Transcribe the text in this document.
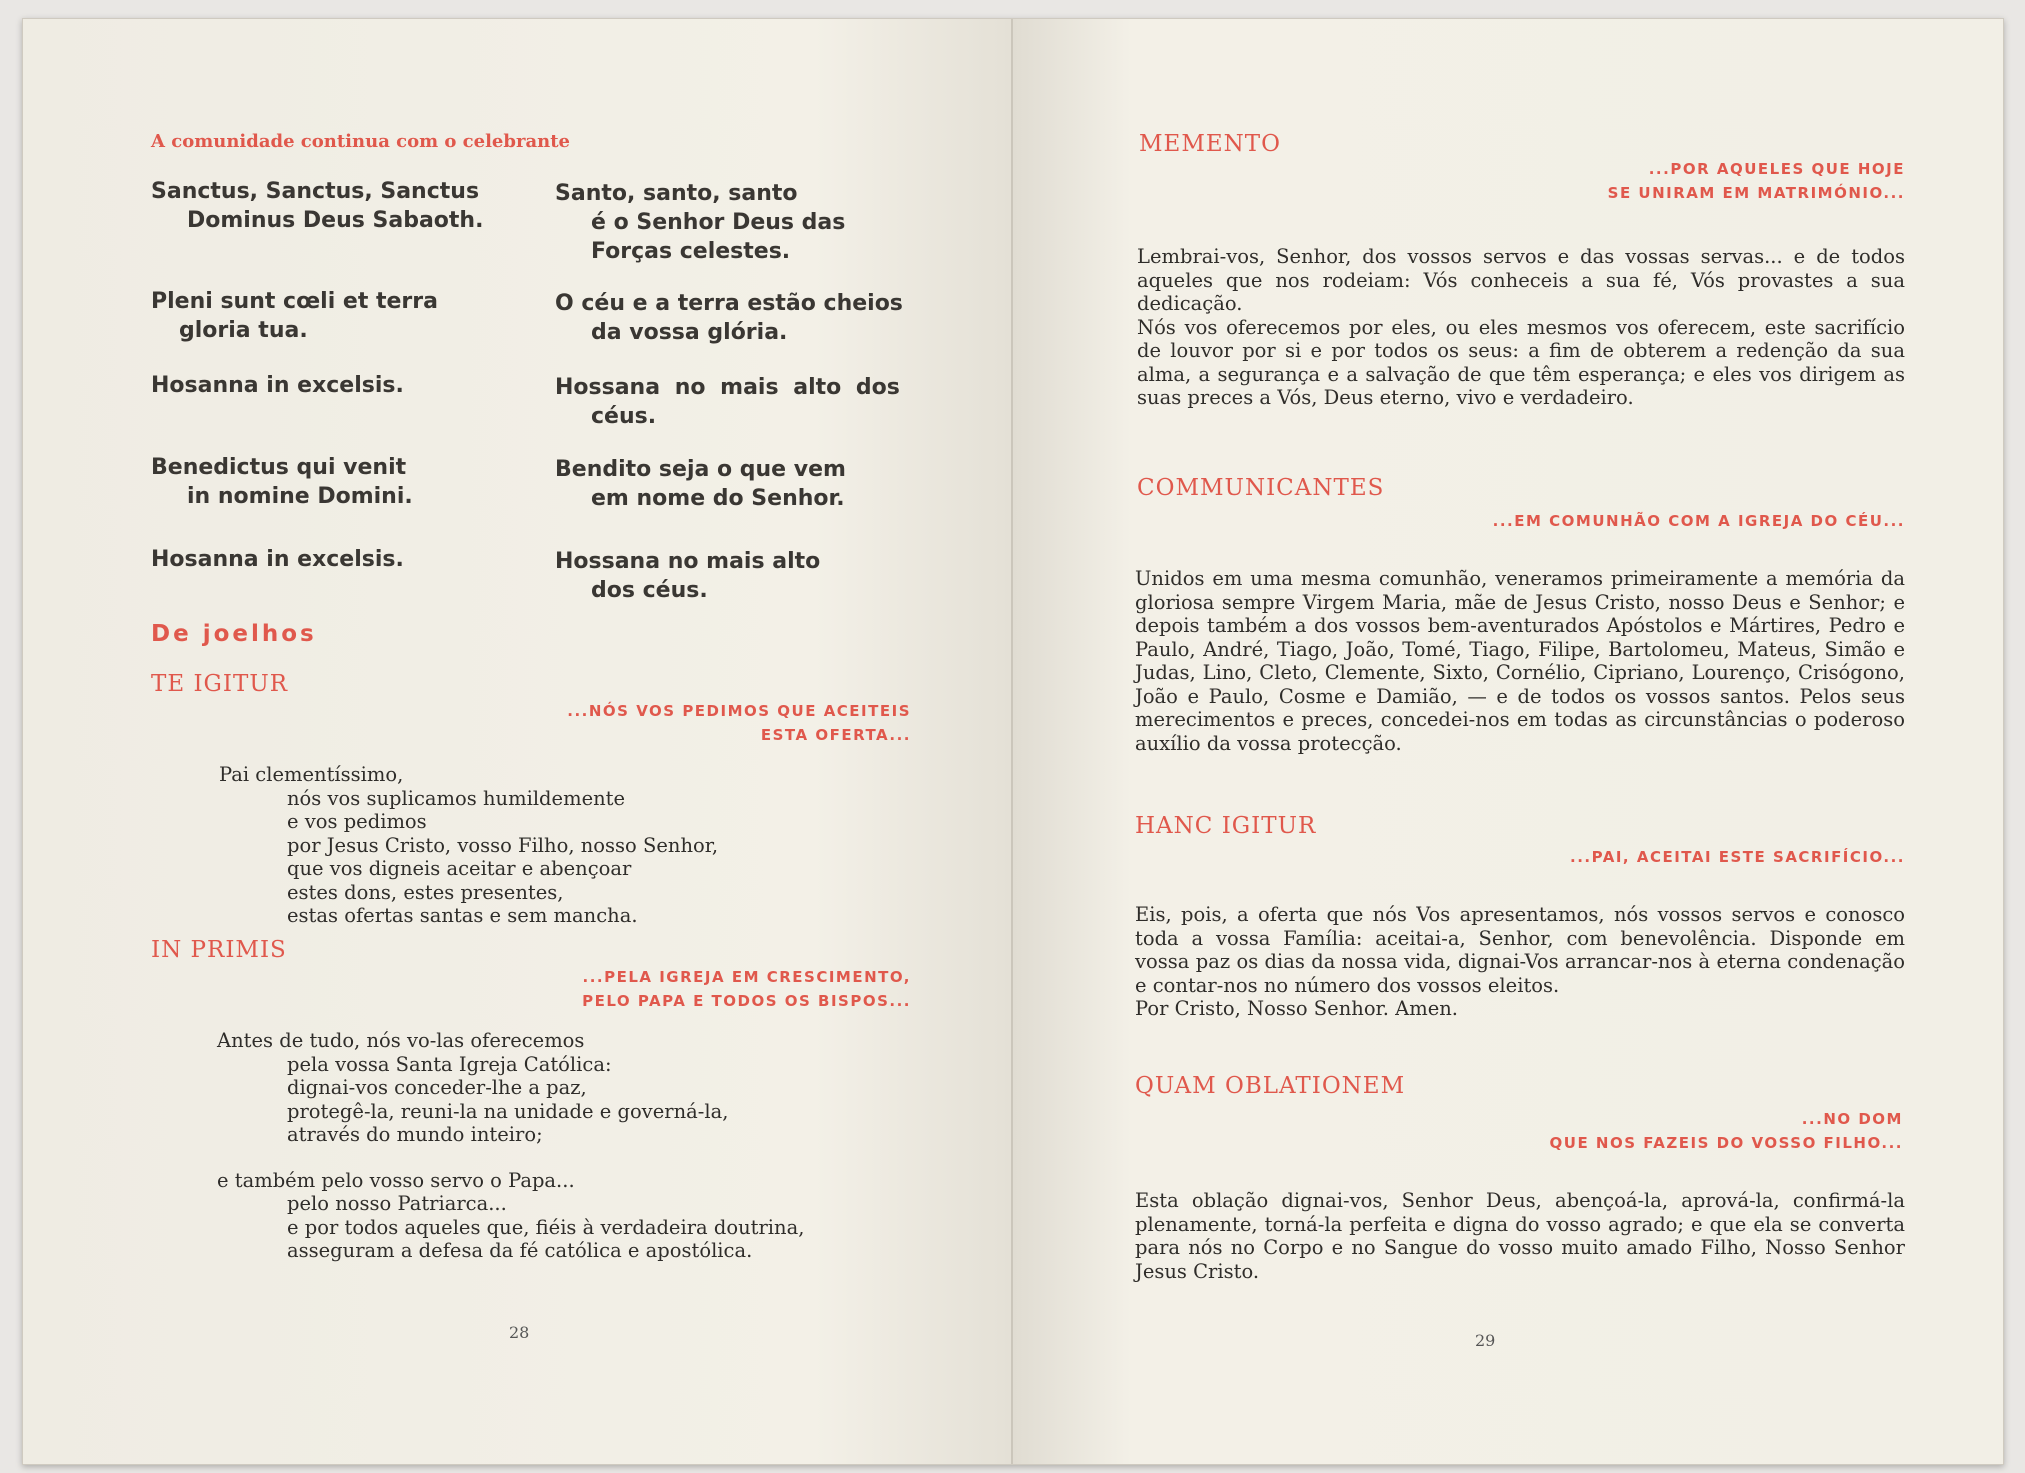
A comunidade continua com o celebrante
Sanctus, Sanctus, Sanctus
Dominus Deus Sabaoth.
Santo, santo, santo
é o Senhor Deus das
Forças celestes.
Pleni sunt cœli et terra
gloria tua.
O céu e a terra estão cheios
da vossa glória.
Hosanna in excelsis.	Hossana no mais alto dos
céus.
Benedictus qui venit
in nomine Domini.
Bendito seja o que vem
em nome do Senhor.
Hosanna in excelsis.	Hossana no mais alto
dos céus.
De joelhos
TE IGITUR
...NÓS VOS PEDIMOS QUE ACEITEIS
ESTA OFERTA...
Pai clementíssimo,
nós vos suplicamos humildemente
e vos pedimos
por Jesus Cristo, vosso Filho, nosso Senhor,
que vos digneis aceitar e abençoar
estes dons, estes presentes,
estas ofertas santas e sem mancha.
IN PRIMIS
...PELA IGREJA EM CRESCIMENTO,
PELO PAPA E TODOS OS BISPOS...
Antes de tudo, nós vo-las oferecemos
pela vossa Santa Igreja Católica:
dignai-vos conceder-lhe a paz,
protegê-la, reuni-la na unidade e governá-la,
através do mundo inteiro;
e também pelo vosso servo o Papa...
pelo nosso Patriarca...
e por todos aqueles que, fiéis à verdadeira doutrina,
asseguram a defesa da fé católica e apostólica.
28
MEMENTO
...POR AQUELES QUE HOJE
SE UNIRAM EM MATRIMÓNIO...
Lembrai-vos, Senhor, dos vossos servos e das vossas servas... e de todos aqueles que nos rodeiam: Vós conheceis a sua fé, Vós provastes a sua dedicação.
Nós vos oferecemos por eles, ou eles mesmos vos oferecem, este sacrifício de louvor por si e por todos os seus: a fim de obterem a redenção da sua alma, a segurança e a salvação de que têm esperança; e eles vos dirigem as suas preces a Vós, Deus eterno, vivo e verdadeiro.
COMMUNICANTES
...EM COMUNHÃO COM A IGREJA DO CÉU...
Unidos em uma mesma comunhão, veneramos primeiramente a memória da gloriosa sempre Virgem Maria, mãe de Jesus Cristo, nosso Deus e Senhor; e depois também a dos vossos bem-aventurados Apóstolos e Mártires, Pedro e Paulo, André, Tiago, João, Tomé, Tiago, Filipe, Bartolomeu, Mateus, Simão e Judas, Lino, Cleto, Clemente, Sixto, Cornélio, Cipriano, Lourenço, Crisógono, João e Paulo, Cosme e Damião, — e de todos os vossos santos. Pelos seus merecimentos e preces, concedei-nos em todas as circunstâncias o poderoso auxílio da vossa protecção.
HANC IGITUR
...PAI, ACEITAI ESTE SACRIFÍCIO...
Eis, pois, a oferta que nós Vos apresentamos, nós vossos servos e conosco toda a vossa Família: aceitai-a, Senhor, com benevolência. Disponde em vossa paz os dias da nossa vida, dignai-Vos arrancar-nos à eterna condenação e contar-nos no número dos vossos eleitos.
Por Cristo, Nosso Senhor. Amen.
QUAM OBLATIONEM
...NO DOM
QUE NOS FAZEIS DO VOSSO FILHO...
Esta oblação dignai-vos, Senhor Deus, abençoá-la, aprová-la, confirmá-la plenamente, torná-la perfeita e digna do vosso agrado; e que ela se converta para nós no Corpo e no Sangue do vosso muito amado Filho, Nosso Senhor Jesus Cristo.
29
